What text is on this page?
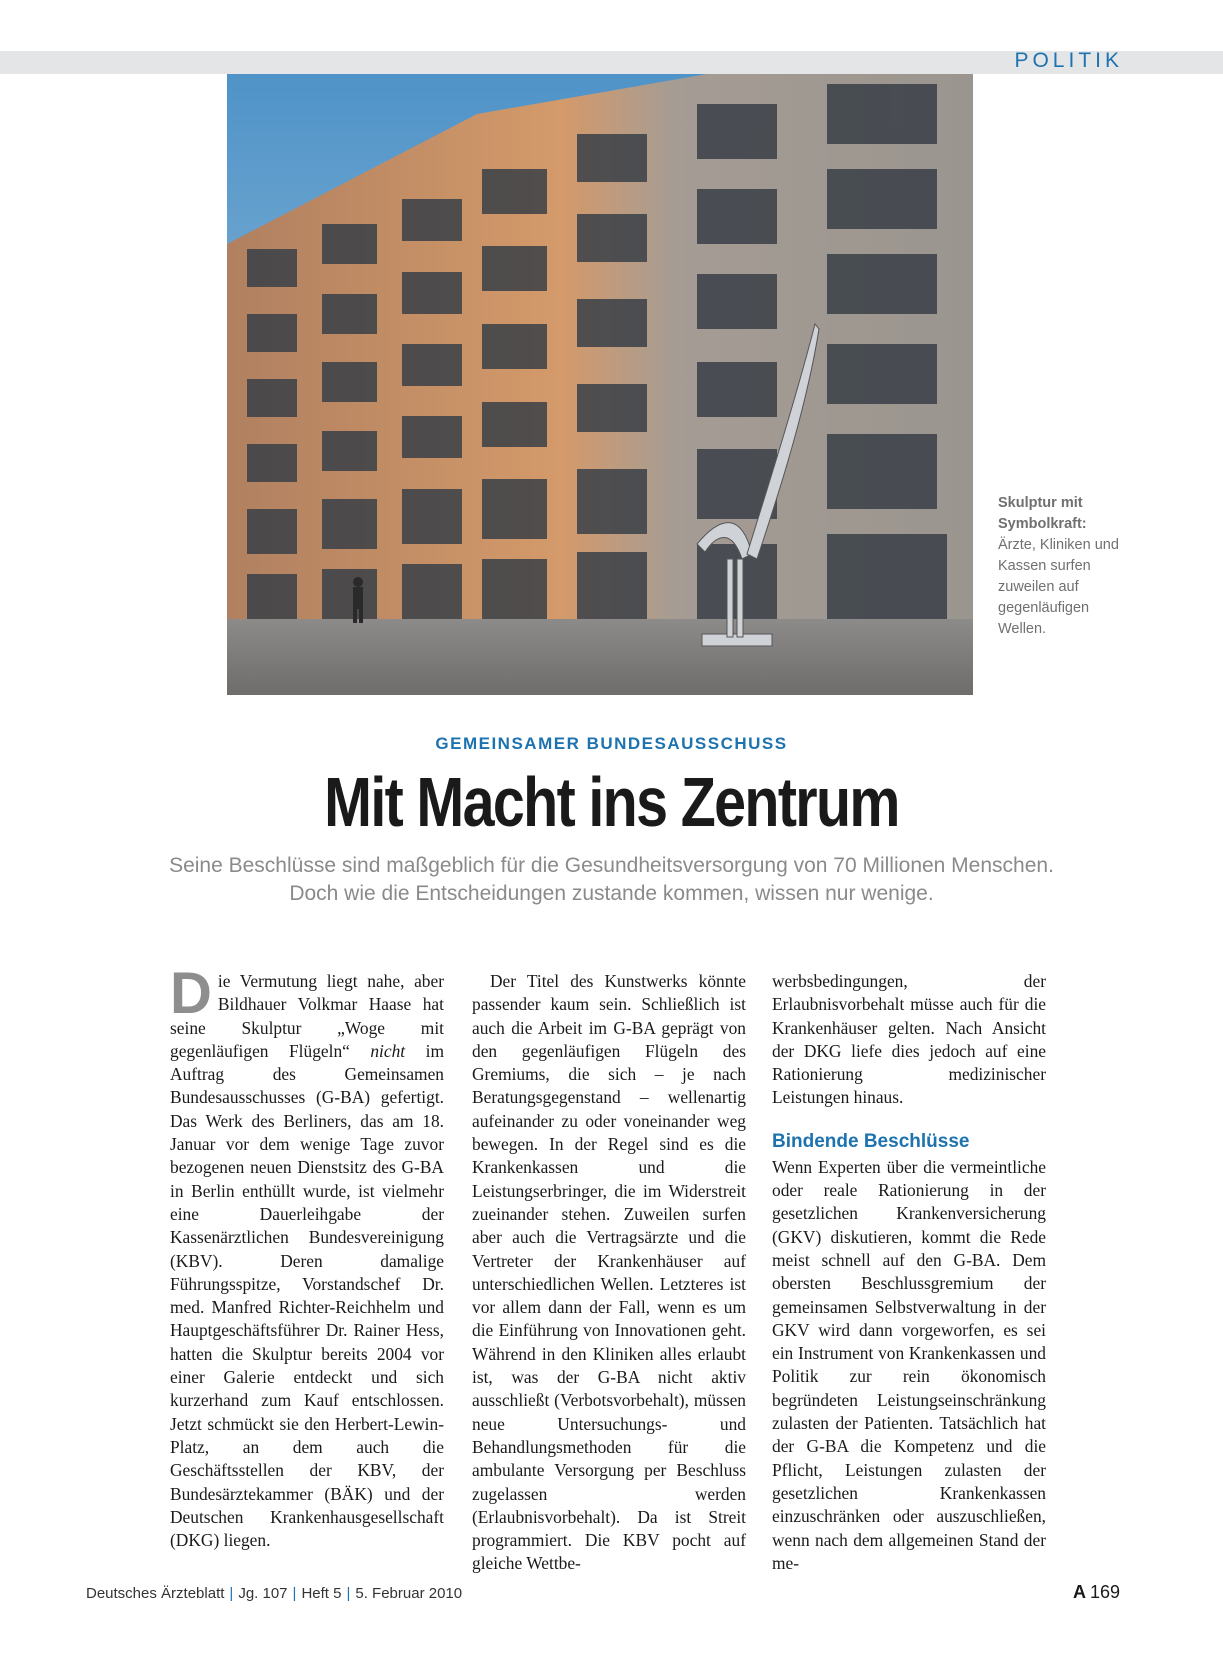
POLITIK
Skulptur mit Symbolkraft:
Ärzte, Kliniken und Kassen surfen zuweilen auf gegenläufigen Wellen.
GEMEINSAMER BUNDESAUSSCHUSS
Mit Macht ins Zentrum
Seine Beschlüsse sind maßgeblich für die Gesundheitsversorgung von 70 Millionen Menschen.
Doch wie die Entscheidungen zustande kommen, wissen nur wenige.

Die Vermutung liegt nahe, aber Bildhauer Volkmar Haase hat seine Skulptur „Woge mit gegenläufigen Flügeln“ nicht im Auftrag des Gemeinsamen Bundesausschusses (G-BA) gefertigt. Das Werk des Berliners, das am 18. Januar vor dem wenige Tage zuvor bezogenen neuen Dienstsitz des G-BA in Berlin enthüllt wurde, ist vielmehr eine Dauerleihgabe der Kassenärztlichen Bundesvereinigung (KBV). Deren damalige Führungsspitze, Vorstandschef Dr. med. Manfred Richter-Reichhelm und Hauptgeschäftsführer Dr. Rainer Hess, hatten die Skulptur bereits 2004 vor einer Galerie entdeckt und sich kurzerhand zum Kauf entschlossen. Jetzt schmückt sie den Herbert-Lewin-Platz, an dem auch die Geschäftsstellen der KBV, der Bundesärztekammer (BÄK) und der Deutschen Krankenhausgesellschaft (DKG) liegen.

Der Titel des Kunstwerks könnte passender kaum sein. Schließlich ist auch die Arbeit im G-BA geprägt von den gegenläufigen Flügeln des Gremiums, die sich – je nach Beratungsgegenstand – wellenartig aufeinander zu oder voneinander weg bewegen. In der Regel sind es die Krankenkassen und die Leistungserbringer, die im Widerstreit zueinander stehen. Zuweilen surfen aber auch die Vertragsärzte und die Vertreter der Krankenhäuser auf unterschiedlichen Wellen. Letzteres ist vor allem dann der Fall, wenn es um die Einführung von Innovationen geht. Während in den Kliniken alles erlaubt ist, was der G-BA nicht aktiv ausschließt (Verbotsvorbehalt), müssen neue Untersuchungs- und Behandlungsmethoden für die ambulante Versorgung per Beschluss zugelassen werden (Erlaubnisvorbehalt). Da ist Streit programmiert. Die KBV pocht auf gleiche Wettbe-

werbsbedingungen, der Erlaubnisvorbehalt müsse auch für die Krankenhäuser gelten. Nach Ansicht der DKG liefe dies jedoch auf eine Rationierung medizinischer Leistungen hinaus.

Bindende Beschlüsse

Wenn Experten über die vermeintliche oder reale Rationierung in der gesetzlichen Krankenversicherung (GKV) diskutieren, kommt die Rede meist schnell auf den G-BA. Dem obersten Beschlussgremium der gemeinsamen Selbstverwaltung in der GKV wird dann vorgeworfen, es sei ein Instrument von Krankenkassen und Politik zur rein ökonomisch begründeten Leistungseinschränkung zulasten der Patienten. Tatsächlich hat der G-BA die Kompetenz und die Pflicht, Leistungen zulasten der gesetzlichen Krankenkassen einzuschränken oder auszuschließen, wenn nach dem allgemeinen Stand der me-

Deutsches Ärzteblatt | Jg. 107 | Heft 5 | 5. Februar 2010	A 169
